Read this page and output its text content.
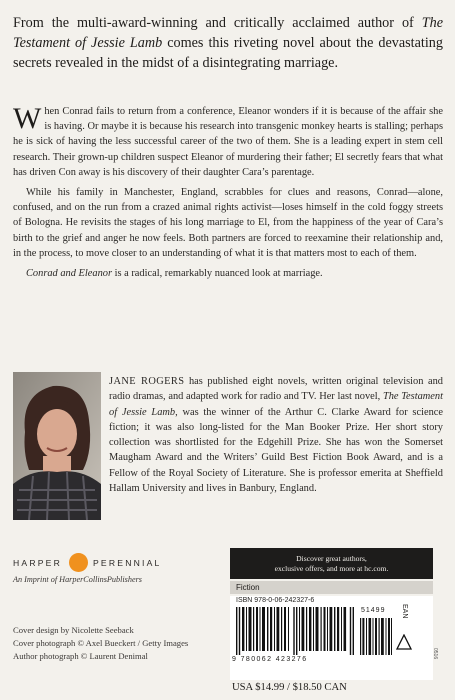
From the multi-award-winning and critically acclaimed author of The Testament of Jessie Lamb comes this riveting novel about the devastating secrets revealed in the midst of a disintegrating marriage.

When Conrad fails to return from a conference, Eleanor wonders if it is because of the affair she is having. Or maybe it is because his research into transgenic monkey hearts is stalling; perhaps he is sick of having the less successful career of the two of them. She is a leading expert in stem cell research. Their grown-up children suspect Eleanor of murdering their father; El secretly fears that what has driven Con away is his discovery of their daughter Cara’s parentage.

While his family in Manchester, England, scrabbles for clues and reasons, Conrad—alone, confused, and on the run from a crazed animal rights activist—loses himself in the cold foggy streets of Bologna. He revisits the stages of his long marriage to El, from the happiness of the year of Cara’s birth to the grief and anger he now feels. Both partners are forced to reexamine their relationship and, in the process, to move closer to an understanding of what it is that matters most to each of them.

Conrad and Eleanor is a radical, remarkably nuanced look at marriage.

JANE ROGERS has published eight novels, written original television and radio dramas, and adapted work for radio and TV. Her last novel, The Testament of Jessie Lamb, was the winner of the Arthur C. Clarke Award for science fiction; it was also long-listed for the Man Booker Prize. Her short story collection was shortlisted for the Edgehill Prize. She has won the Somerset Maugham Award and the Writers’ Guild Best Fiction Book Award, and is a Fellow of the Royal Society of Literature. She is professor emerita at Sheffield Hallam University and lives in Banbury, England.
HARPER	PERENNIAL
An Imprint of HarperCollinsPublishers
Cover design by Nicolette Seeback
Cover photograph © Axel Bueckert / Getty Images
Author photograph © Laurent Denimal
Discover great authors,
exclusive offers, and more at hc.com.
Fiction
ISBN 978-0-06-242327-6
51499
9 780062 423276
EAN
USA $14.99 / $18.50 CAN
0516
